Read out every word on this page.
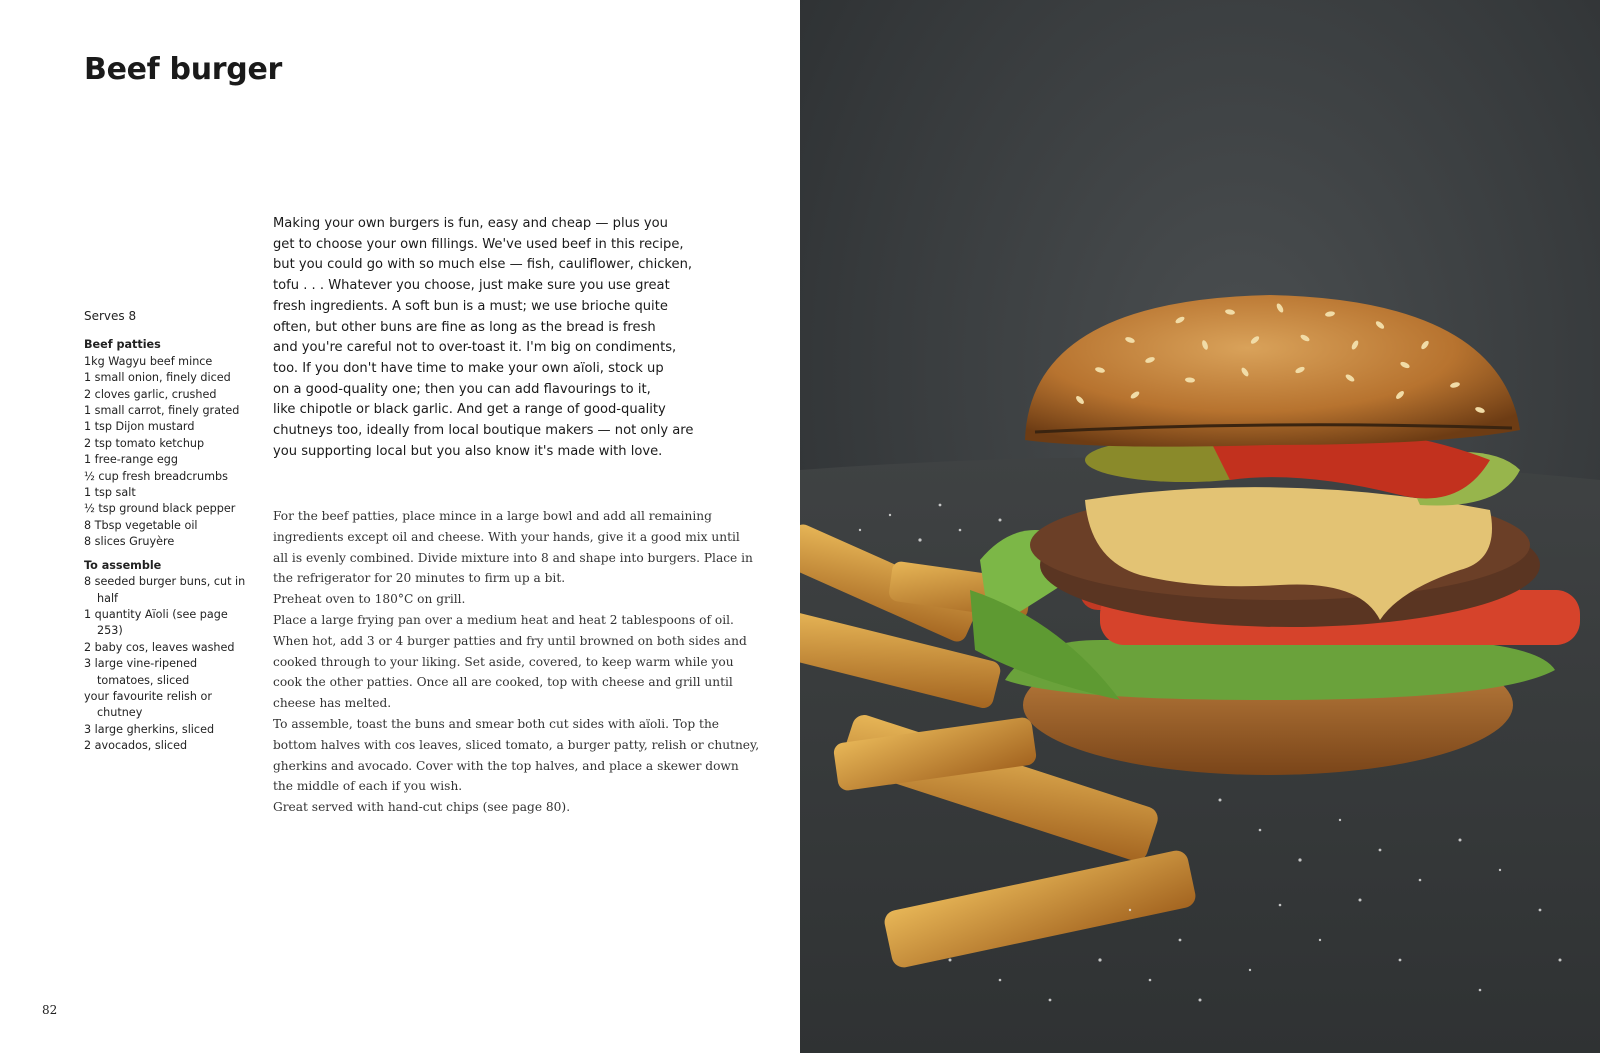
Beef burger
Serves 8
Beef patties
1kg Wagyu beef mince
1 small onion, finely diced
2 cloves garlic, crushed
1 small carrot, finely grated
1 tsp Dijon mustard
2 tsp tomato ketchup
1 free-range egg
½ cup fresh breadcrumbs
1 tsp salt
½ tsp ground black pepper
8 Tbsp vegetable oil
8 slices Gruyère
To assemble
8 seeded burger buns, cut in half
1 quantity Aïoli (see page 253)
2 baby cos, leaves washed
3 large vine-ripened tomatoes, sliced
your favourite relish or chutney
3 large gherkins, sliced
2 avocados, sliced
Making your own burgers is fun, easy and cheap — plus you
get to choose your own fillings. We've used beef in this recipe,
but you could go with so much else — fish, cauliflower, chicken,
tofu . . . Whatever you choose, just make sure you use great
fresh ingredients. A soft bun is a must; we use brioche quite
often, but other buns are fine as long as the bread is fresh
and you're careful not to over-toast it. I'm big on condiments,
too. If you don't have time to make your own aïoli, stock up
on a good-quality one; then you can add flavourings to it,
like chipotle or black garlic. And get a range of good-quality
chutneys too, ideally from local boutique makers — not only are
you supporting local but you also know it's made with love.
For the beef patties, place mince in a large bowl and add all remaining
ingredients except oil and cheese. With your hands, give it a good mix until
all is evenly combined. Divide mixture into 8 and shape into burgers. Place in
the refrigerator for 20 minutes to firm up a bit.
Preheat oven to 180°C on grill.
Place a large frying pan over a medium heat and heat 2 tablespoons of oil.
When hot, add 3 or 4 burger patties and fry until browned on both sides and
cooked through to your liking. Set aside, covered, to keep warm while you
cook the other patties. Once all are cooked, top with cheese and grill until
cheese has melted.
To assemble, toast the buns and smear both cut sides with aïoli. Top the
bottom halves with cos leaves, sliced tomato, a burger patty, relish or chutney,
gherkins and avocado. Cover with the top halves, and place a skewer down
the middle of each if you wish.
Great served with hand-cut chips (see page 80).
82
